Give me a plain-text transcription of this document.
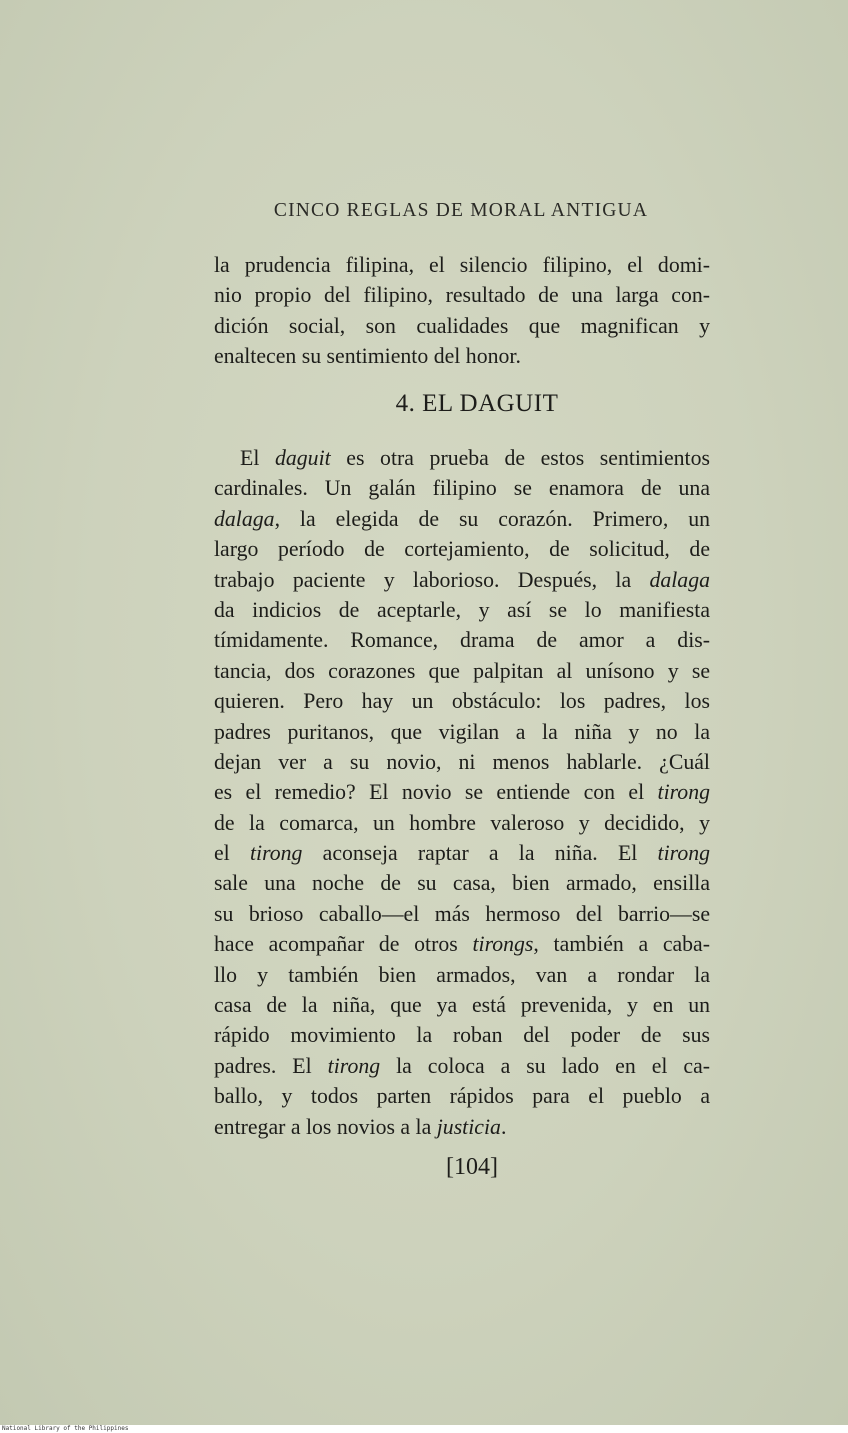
CINCO REGLAS DE MORAL ANTIGUA
la prudencia filipina, el silencio filipino, el domi-
nio propio del filipino, resultado de una larga con-
dición social, son cualidades que magnifican y
enaltecen su sentimiento del honor.
4. EL DAGUIT
El daguit es otra prueba de estos sentimientos
cardinales. Un galán filipino se enamora de una
dalaga, la elegida de su corazón. Primero, un
largo período de cortejamiento, de solicitud, de
trabajo paciente y laborioso. Después, la dalaga
da indicios de aceptarle, y así se lo manifiesta
tímidamente. Romance, drama de amor a dis-
tancia, dos corazones que palpitan al unísono y se
quieren. Pero hay un obstáculo: los padres, los
padres puritanos, que vigilan a la niña y no la
dejan ver a su novio, ni menos hablarle. ¿Cuál
es el remedio? El novio se entiende con el tirong
de la comarca, un hombre valeroso y decidido, y
el tirong aconseja raptar a la niña. El tirong
sale una noche de su casa, bien armado, ensilla
su brioso caballo—el más hermoso del barrio—se
hace acompañar de otros tirongs, también a caba-
llo y también bien armados, van a rondar la
casa de la niña, que ya está prevenida, y en un
rápido movimiento la roban del poder de sus
padres. El tirong la coloca a su lado en el ca-
ballo, y todos parten rápidos para el pueblo a
entregar a los novios a la justicia.
[104]
National Library of the Philippines
